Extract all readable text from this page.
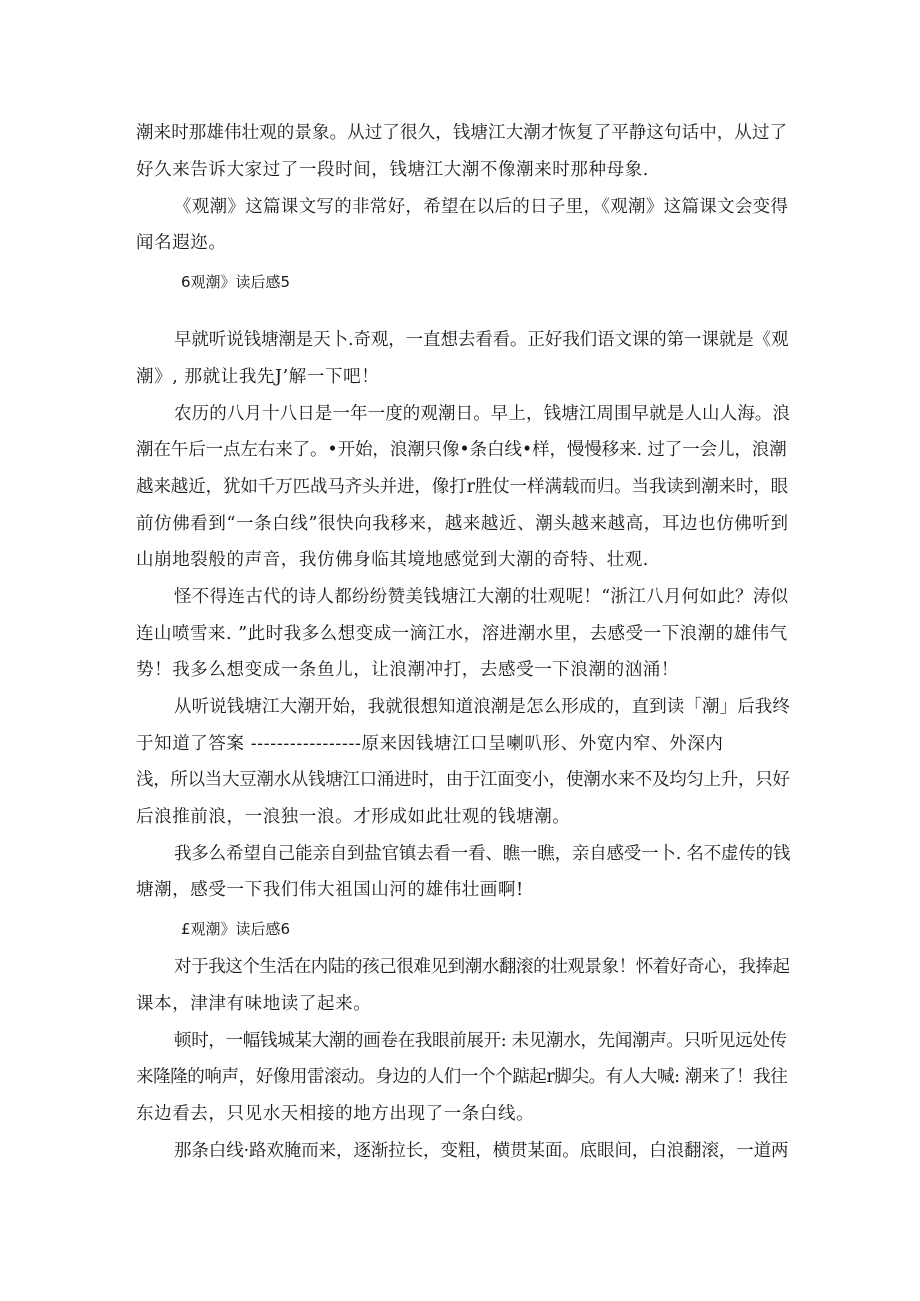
潮来时那雄伟壮观的景象。从过了很久，钱塘江大潮才恢复了平静这句话中，从过了
好久来告诉大家过了一段时间，钱塘江大潮不像潮来时那种母象.
《观潮》这篇课文写的非常好，希望在以后的日子里，《观潮》这篇课文会变得
闻名遐迩。
6观潮》读后感5
早就听说钱塘潮是天卜.奇观，一直想去看看。正好我们语文课的第一课就是《观
潮》, 那就让我先J’解一下吧！
农历的八月十八日是一年一度的观潮日。早上，钱塘江周围早就是人山人海。浪
潮在午后一点左右来了。•开始，浪潮只像•条白线•样，慢慢移来. 过了一会儿，浪潮
越来越近，犹如千万匹战马齐头并进，像打r胜仗一样满载而归。当我读到潮来时，眼
前仿佛看到“一条白线”很快向我移来，越来越近、潮头越来越高，耳边也仿佛听到
山崩地裂般的声音，我仿佛身临其境地感觉到大潮的奇特、壮观.
怪不得连古代的诗人都纷纷赞美钱塘江大潮的壮观呢！“浙江八月何如此？涛似
连山喷雪来. ”此时我多么想变成一滴江水，溶进潮水里，去感受一下浪潮的雄伟气
势！我多么想变成一条鱼儿，让浪潮冲打，去感受一下浪潮的汹涌！
从听说钱塘江大潮开始，我就很想知道浪潮是怎么形成的，直到读「潮」后我终
于知道了答案 -----------------原来因钱塘江口呈喇叭形、外宽内窄、外深内
浅，所以当大豆潮水从钱塘江口涌进时，由于江面变小，使潮水来不及均匀上升，只好
后浪推前浪，一浪独一浪。才形成如此壮观的钱塘潮。
我多么希望自己能亲自到盐官镇去看一看、瞧一瞧，亲自感受一卜. 名不虚传的钱
塘潮，感受一下我们伟大祖国山河的雄伟壮画啊!
£观潮》读后感6
对于我这个生活在内陆的孩己很难见到潮水翻滚的壮观景象！怀着好奇心，我捧起
课本，津津有味地读了起来。
顿时，一幅钱城某大潮的画卷在我眼前展开: 未见潮水，先闻潮声。只听见远处传
来隆隆的响声，好像用雷滚动。身边的人们一个个踮起r脚尖。有人大喊: 潮来了！我往
东边看去，只见水天相接的地方出现了一条白线。
那条白线·路欢腌而来，逐渐拉长，变粗，横贯某面。底眼间，白浪翻滚，一道两
